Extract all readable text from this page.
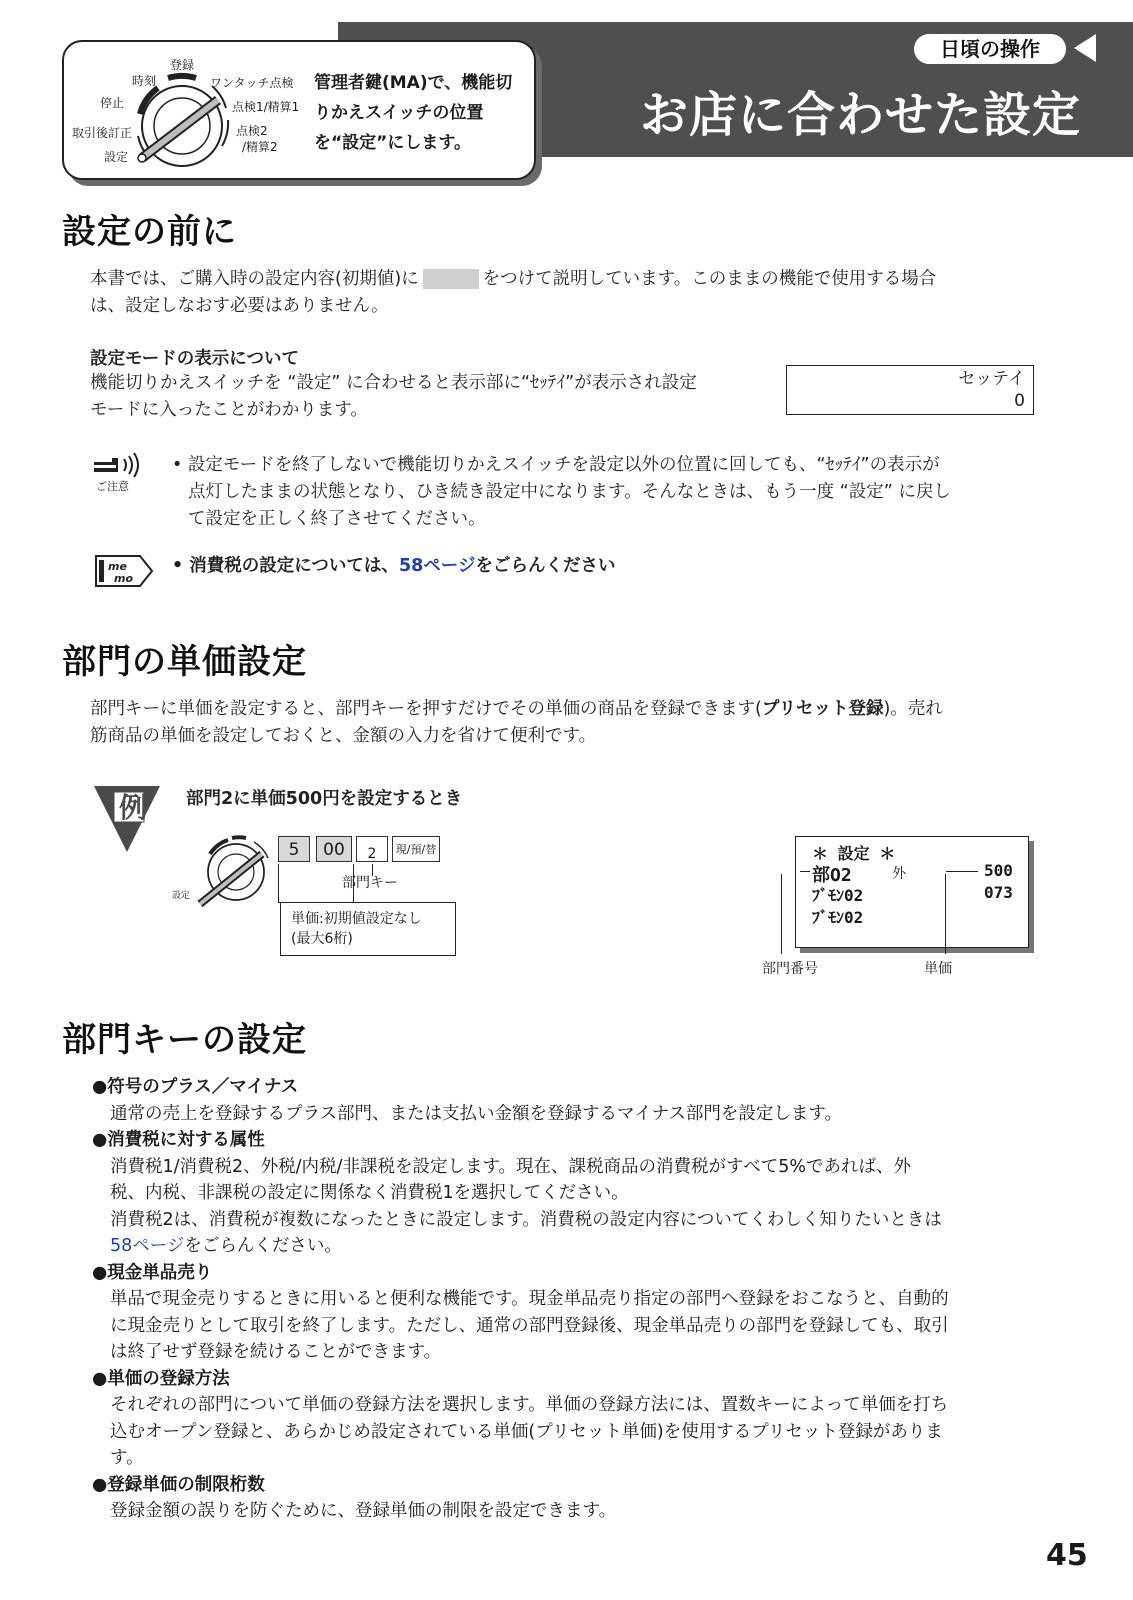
日頃の操作
お店に合わせた設定
登録
時刻	ワンタッチ点検
停止	点検1/精算1
取引後訂正	点検2
/精算2
設定
管理者鍵(MA)で、機能切
りかえスイッチの位置
を“設定”にします。
設定の前に
本書では、ご購入時の設定内容(初期値)に	をつけて説明しています。このままの機能で使用する場合
は、設定しなおす必要はありません。
設定モードの表示について
機能切りかえスイッチを “設定” に合わせると表示部に“ｾｯﾃｲ”が表示され設定
モードに入ったことがわかります。
セッテイ
0
ご注意
• 設定モードを終了しないで機能切りかえスイッチを設定以外の位置に回しても、“ｾｯﾃｲ”の表示が
点灯したままの状態となり、ひき続き設定中になります。そんなときは、もう一度 “設定” に戻し
て設定を正しく終了させてください。
me
mo
• 消費税の設定については、58ページをごらんください
部門の単価設定
部門キーに単価を設定すると、部門キーを押すだけでその単価の商品を登録できます(プリセット登録)。売れ
筋商品の単価を設定しておくと、金額の入力を省けて便利です。
例 部門2に単価500円を設定するとき
設定
5	00	2	現/預/替
部門キー
単価:初期値設定なし
(最大6桁)
＊ 設定 ＊
部O2	外	500
ﾌﾞﾓﾝ02	073
ﾌﾞﾓﾝ02
部門番号	単価
部門キーの設定
●符号のプラス／マイナス
通常の売上を登録するプラス部門、または支払い金額を登録するマイナス部門を設定します。
●消費税に対する属性
消費税1/消費税2、外税/内税/非課税を設定します。現在、課税商品の消費税がすべて5%であれば、外
税、内税、非課税の設定に関係なく消費税1を選択してください。
消費税2は、消費税が複数になったときに設定します。消費税の設定内容についてくわしく知りたいときは
58ページをごらんください。
●現金単品売り
単品で現金売りするときに用いると便利な機能です。現金単品売り指定の部門へ登録をおこなうと、自動的
に現金売りとして取引を終了します。ただし、通常の部門登録後、現金単品売りの部門を登録しても、取引
は終了せず登録を続けることができます。
●単価の登録方法
それぞれの部門について単価の登録方法を選択します。単価の登録方法には、置数キーによって単価を打ち
込むオープン登録と、あらかじめ設定されている単価(プリセット単価)を使用するプリセット登録がありま
す。
●登録単価の制限桁数
登録金額の誤りを防ぐために、登録単価の制限を設定できます。
45
